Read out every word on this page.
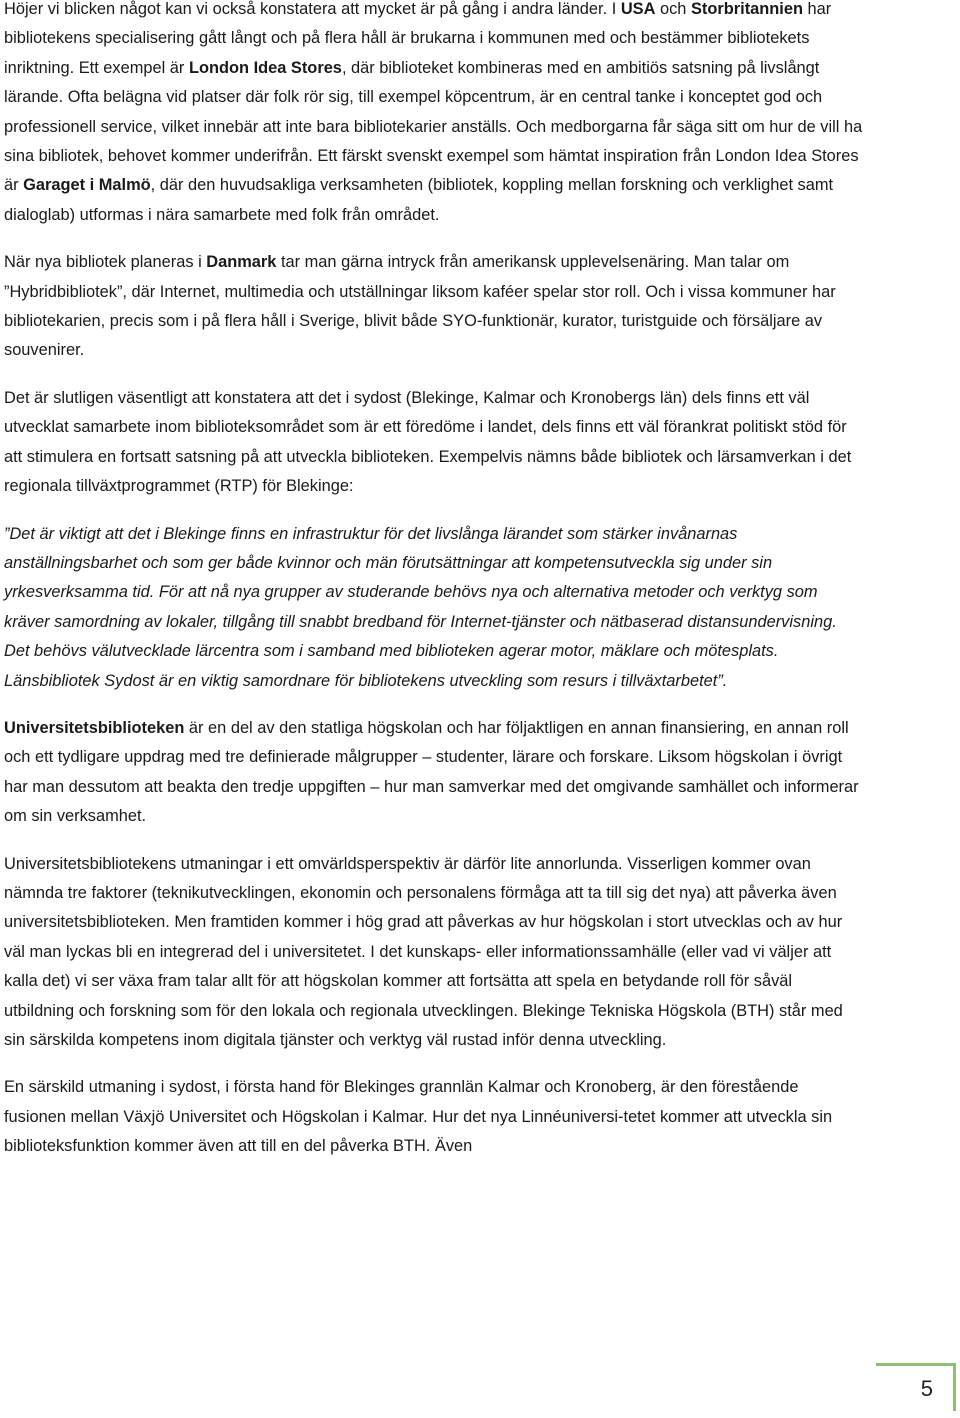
Höjer vi blicken något kan vi också konstatera att mycket är på gång i andra länder. I USA och Storbritannien har bibliotekens specialisering gått långt och på flera håll är brukarna i kommunen med och bestämmer bibliotekets inriktning. Ett exempel är London Idea Stores, där biblioteket kombineras med en ambitiös satsning på livslångt lärande. Ofta belägna vid platser där folk rör sig, till exempel köpcentrum, är en central tanke i konceptet god och professionell service, vilket innebär att inte bara bibliotekarier anställs. Och medborgarna får säga sitt om hur de vill ha sina bibliotek, behovet kommer underifrån. Ett färskt svenskt exempel som hämtat inspiration från London Idea Stores är Garaget i Malmö, där den huvudsakliga verksamheten (bibliotek, koppling mellan forskning och verklighet samt dialoglab) utformas i nära samarbete med folk från området.

När nya bibliotek planeras i Danmark tar man gärna intryck från amerikansk upplevelsenäring. Man talar om ”Hybridbibliotek”, där Internet, multimedia och utställningar liksom kaféer spelar stor roll. Och i vissa kommuner har bibliotekarien, precis som i på flera håll i Sverige, blivit både SYO-funktionär, kurator, turistguide och försäljare av souvenirer.

Det är slutligen väsentligt att konstatera att det i sydost (Blekinge, Kalmar och Kronobergs län) dels finns ett väl utvecklat samarbete inom biblioteksområdet som är ett föredöme i landet, dels finns ett väl förankrat politiskt stöd för att stimulera en fortsatt satsning på att utveckla biblioteken. Exempelvis nämns både bibliotek och lärsamverkan i det regionala tillväxtprogrammet (RTP) för Blekinge:

”Det är viktigt att det i Blekinge finns en infrastruktur för det livslånga lärandet som stärker invånarnas anställningsbarhet och som ger både kvinnor och män förutsättningar att kompetensutveckla sig under sin yrkesverksamma tid. För att nå nya grupper av studerande behövs nya och alternativa metoder och verktyg som kräver samordning av lokaler, tillgång till snabbt bredband för Internet-tjänster och nätbaserad distansundervisning. Det behövs välutvecklade lärcentra som i samband med biblioteken agerar motor, mäklare och mötesplats. Länsbibliotek Sydost är en viktig samordnare för bibliotekens utveckling som resurs i tillväxtarbetet”.

Universitetsbiblioteken är en del av den statliga högskolan och har följaktligen en annan finansiering, en annan roll och ett tydligare uppdrag med tre definierade målgrupper – studenter, lärare och forskare. Liksom högskolan i övrigt har man dessutom att beakta den tredje uppgiften – hur man samverkar med det omgivande samhället och informerar om sin verksamhet.

Universitetsbibliotekens utmaningar i ett omvärldsperspektiv är därför lite annorlunda. Visserligen kommer ovan nämnda tre faktorer (teknikutvecklingen, ekonomin och personalens förmåga att ta till sig det nya) att påverka även universitetsbiblioteken. Men framtiden kommer i hög grad att påverkas av hur högskolan i stort utvecklas och av hur väl man lyckas bli en integrerad del i universitetet. I det kunskaps- eller informationssamhälle (eller vad vi väljer att kalla det) vi ser växa fram talar allt för att högskolan kommer att fortsätta att spela en betydande roll för såväl utbildning och forskning som för den lokala och regionala utvecklingen. Blekinge Tekniska Högskola (BTH) står med sin särskilda kompetens inom digitala tjänster och verktyg väl rustad inför denna utveckling.

En särskild utmaning i sydost, i första hand för Blekinges grannlän Kalmar och Kronoberg, är den förestående fusionen mellan Växjö Universitet och Högskolan i Kalmar. Hur det nya Linnéuniversi-tetet kommer att utveckla sin biblioteksfunktion kommer även att till en del påverka BTH. Även

5
